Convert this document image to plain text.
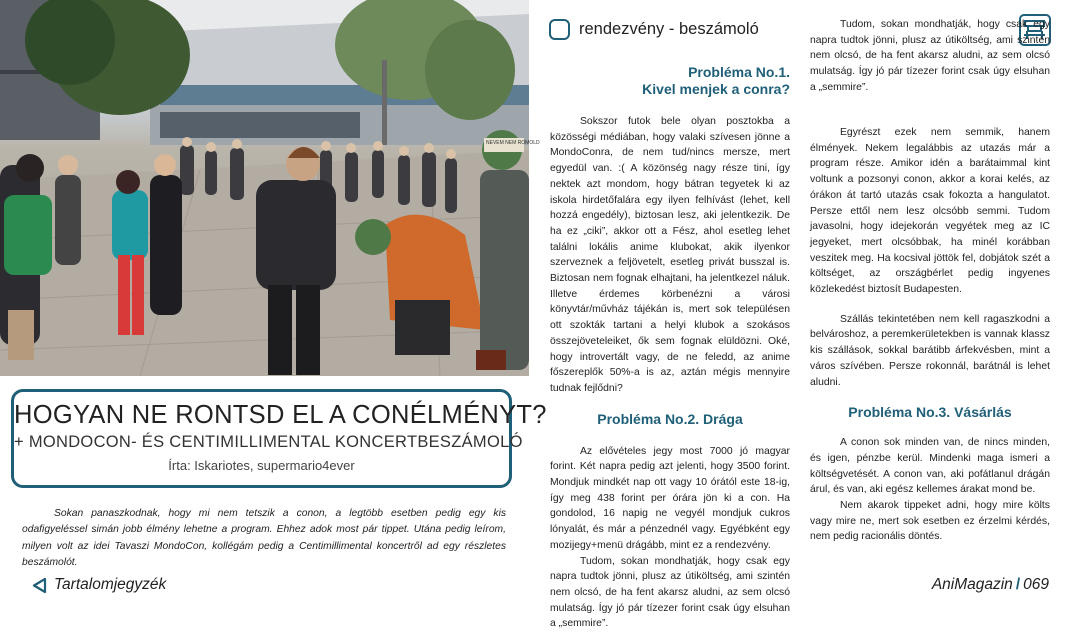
NEVEM NEM ROMOLD
HOGYAN NE RONTSD EL A CONÉLMÉNYT?
+ MONDOCON- ÉS CENTIMILLIMENTAL KONCERTBESZÁMOLÓ
Írta: Iskariotes, supermario4ever

Sokan panaszkodnak, hogy mi nem tetszik a conon, a legtöbb esetben pedig egy kis odafigyeléssel simán jobb élmény lehetne a program. Ehhez adok most pár tippet. Utána pedig leírom, milyen volt az idei Tavaszi MondoCon, kollégám pedig a Centimillimental koncertről ad egy részletes beszámolót.

Tartalomjegyzék	AniMagazin / 069
rendezvény - beszámoló
Probléma No.1.
Kivel menjek a conra?

Sokszor futok bele olyan posztokba a közösségi médiában, hogy valaki szívesen jönne a MondoConra, de nem tud/nincs mersze, mert egyedül van. :( A közönség nagy része tini, így nektek azt mondom, hogy bátran tegyetek ki az iskola hirdetőfalára egy ilyen felhívást (lehet, kell hozzá engedély), biztosan lesz, aki jelentkezik. De ha ez „ciki”, akkor ott a Fész, ahol esetleg lehet találni lokális anime klubokat, akik ilyenkor szerveznek a feljövetelt, esetleg privát busszal is. Biztosan nem fognak elhajtani, ha jelentkezel náluk. Illetve érdemes körbenézni a városi könyvtár/művház tájékán is, mert sok településen ott szokták tartani a helyi klubok a szokásos összejöveteleiket, ők sem fognak elüldözni. Oké, hogy introvertált vagy, de ne feledd, az anime főszereplők 50%-a is az, aztán mégis mennyire tudnak fejlődni?

Probléma No.2. Drága

Az elővételes jegy most 7000 jó magyar forint. Két napra pedig azt jelenti, hogy 3500 forint. Mondjuk mindkét nap ott vagy 10 órától este 18-ig, így meg 438 forint per órára jön ki a con. Ha gondolod, 16 napig ne vegyél mondjuk cukros lónyalát, és már a pénzednél vagy. Egyébként egy mozijegy+menü drágább, mint ez a rendezvény.

Tudom, sokan mondhatják, hogy csak egy napra tudtok jönni, plusz az útiköltség, ami szintén nem olcsó, de ha fent akarsz aludni, az sem olcsó mulatság. Így jó pár tízezer forint csak úgy elsuhan a „semmire”.

Tudom, sokan mondhatják, hogy csak egy napra tudtok jönni, plusz az útiköltség, ami szintén nem olcsó, de ha fent akarsz aludni, az sem olcsó mulatság. Így jó pár tízezer forint csak úgy elsuhan a „semmire”.

Egyrészt ezek nem semmik, hanem élmények. Nekem legalábbis az utazás már a program része. Amikor idén a barátaimmal kint voltunk a pozsonyi conon, akkor a korai kelés, az órákon át tartó utazás csak fokozta a hangulatot. Persze ettől nem lesz olcsóbb semmi. Tudom javasolni, hogy idejekorán vegyétek meg az IC jegyeket, mert olcsóbbak, ha minél korábban veszitek meg. Ha kocsival jöttök fel, dobjátok szét a költséget, az országbérlet pedig ingyenes közlekedést biztosít Budapesten.

Szállás tekintetében nem kell ragaszkodni a belvároshoz, a peremkerületekben is vannak klassz kis szállások, sokkal barátibb árfekvésben, mint a város szívében. Persze rokonnál, barátnál is lehet aludni.

Probléma No.3. Vásárlás

A conon sok minden van, de nincs minden, és igen, pénzbe kerül. Mindenki maga ismeri a költségvetését. A conon van, aki pofátlanul drágán árul, és van, aki egész kellemes árakat mond be.

Nem akarok tippeket adni, hogy mire költs vagy mire ne, mert sok esetben ez érzelmi kérdés, nem pedig racionális döntés.
